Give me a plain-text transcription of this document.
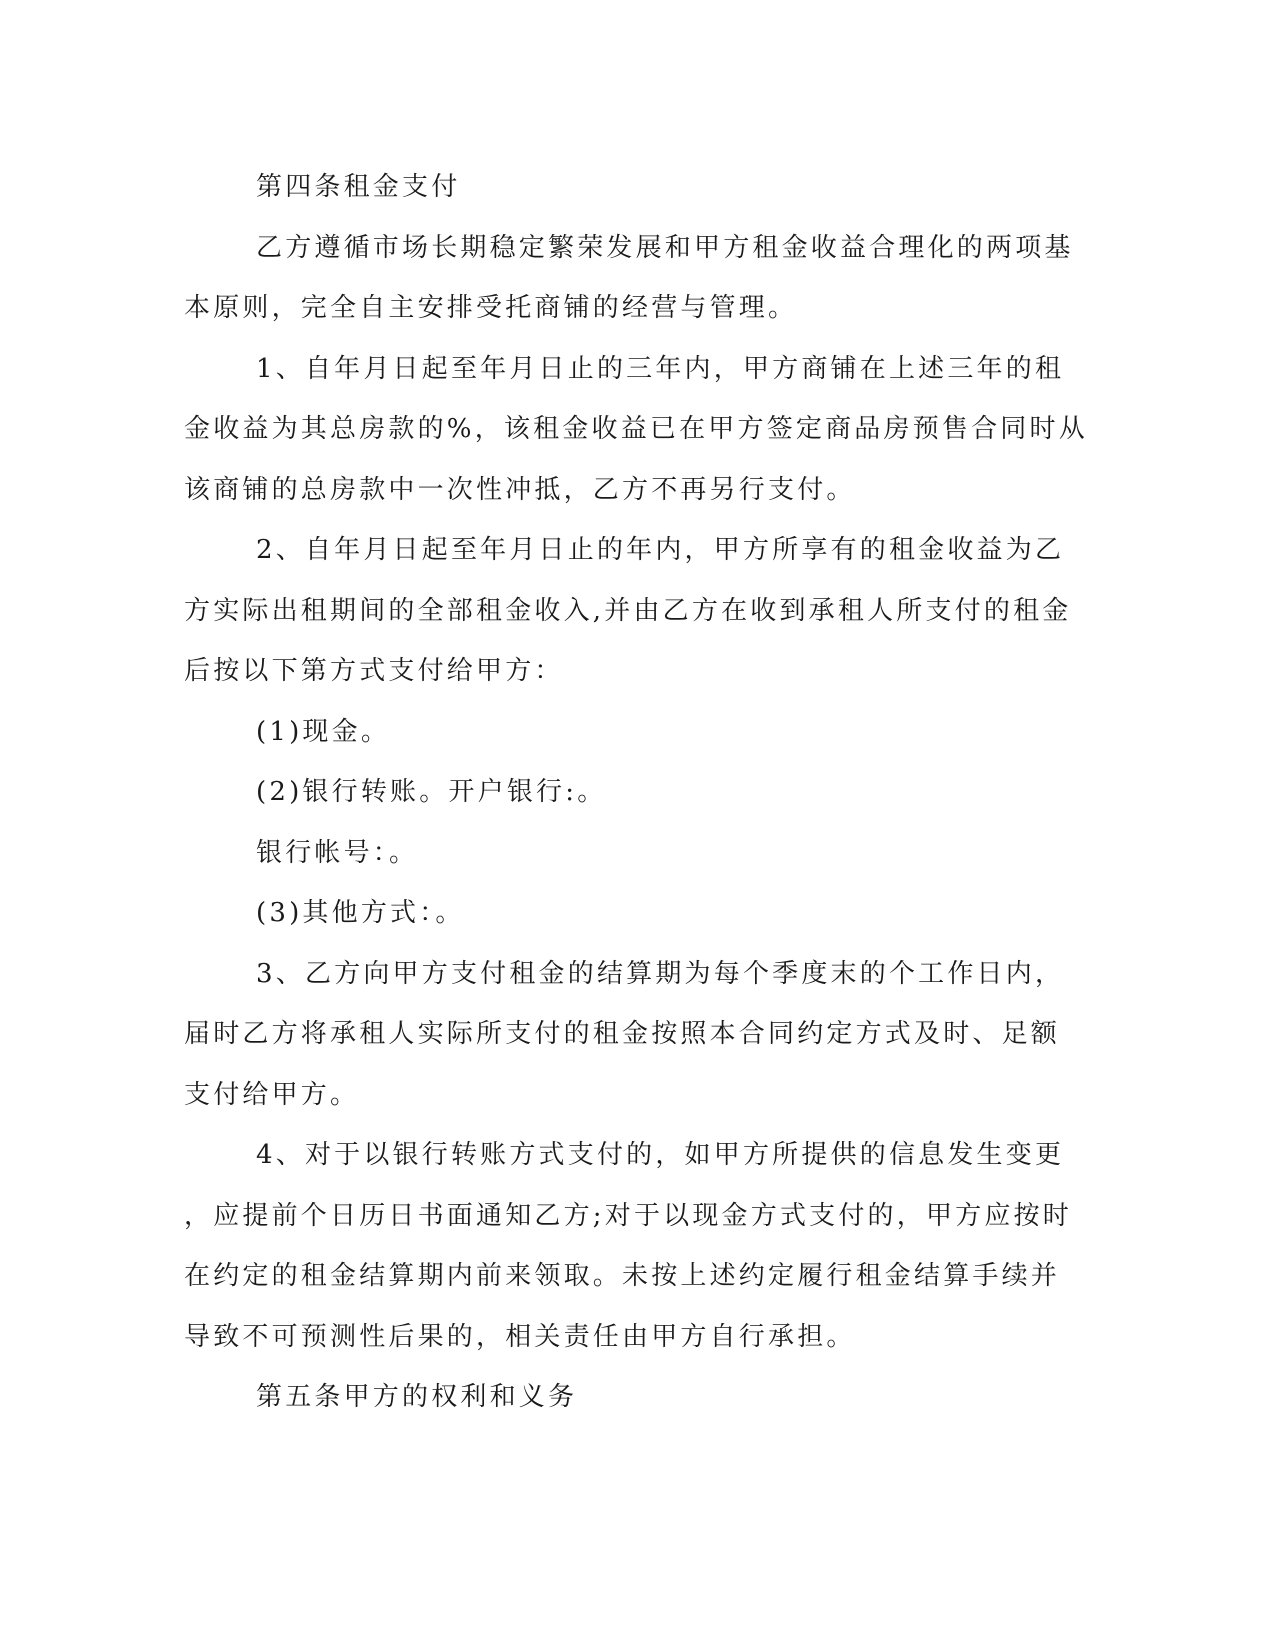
第四条租金支付
乙方遵循市场长期稳定繁荣发展和甲方租金收益合理化的两项基
本原则，完全自主安排受托商铺的经营与管理。
1、自年月日起至年月日止的三年内，甲方商铺在上述三年的租
金收益为其总房款的%，该租金收益已在甲方签定商品房预售合同时从
该商铺的总房款中一次性冲抵，乙方不再另行支付。
2、自年月日起至年月日止的年内，甲方所享有的租金收益为乙
方实际出租期间的全部租金收入,并由乙方在收到承租人所支付的租金
后按以下第方式支付给甲方：
(1)现金。
(2)银行转账。开户银行:。
银行帐号：。
(3)其他方式：。
3、乙方向甲方支付租金的结算期为每个季度末的个工作日内，
届时乙方将承租人实际所支付的租金按照本合同约定方式及时、足额
支付给甲方。
4、对于以银行转账方式支付的，如甲方所提供的信息发生变更
，应提前个日历日书面通知乙方;对于以现金方式支付的，甲方应按时
在约定的租金结算期内前来领取。未按上述约定履行租金结算手续并
导致不可预测性后果的，相关责任由甲方自行承担。
第五条甲方的权利和义务
